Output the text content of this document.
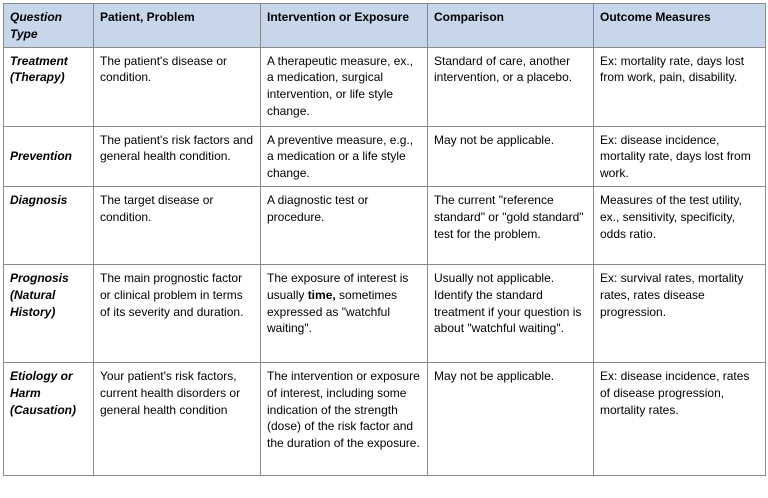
Question Type	Patient, Problem	Intervention or Exposure	Comparison	Outcome Measures
Treatment (Therapy)	The patient's disease or condition.	A therapeutic measure, ex., a medication, surgical intervention, or life style change.	Standard of care, another intervention, or a placebo.	Ex: mortality rate, days lost from work, pain, disability.
Prevention	The patient's risk factors and general health condition.	A preventive measure, e.g., a medication or a life style change.	May not be applicable.	Ex: disease incidence, mortality rate, days lost from work.
Diagnosis	The target disease or condition.	A diagnostic test or procedure.	The current "reference standard" or "gold standard" test for the problem.	Measures of the test utility, ex., sensitivity, specificity, odds ratio.
Prognosis (Natural History)	The main prognostic factor or clinical problem in terms of its severity and duration.	The exposure of interest is usually time, sometimes expressed as "watchful waiting".	Usually not applicable. Identify the standard treatment if your question is about "watchful waiting".	Ex: survival rates, mortality rates, rates disease progression.
Etiology or Harm (Causation)	Your patient's risk factors, current health disorders or general health condition	The intervention or exposure of interest, including some indication of the strength (dose) of the risk factor and the duration of the exposure.	May not be applicable.	Ex: disease incidence, rates of disease progression, mortality rates.
